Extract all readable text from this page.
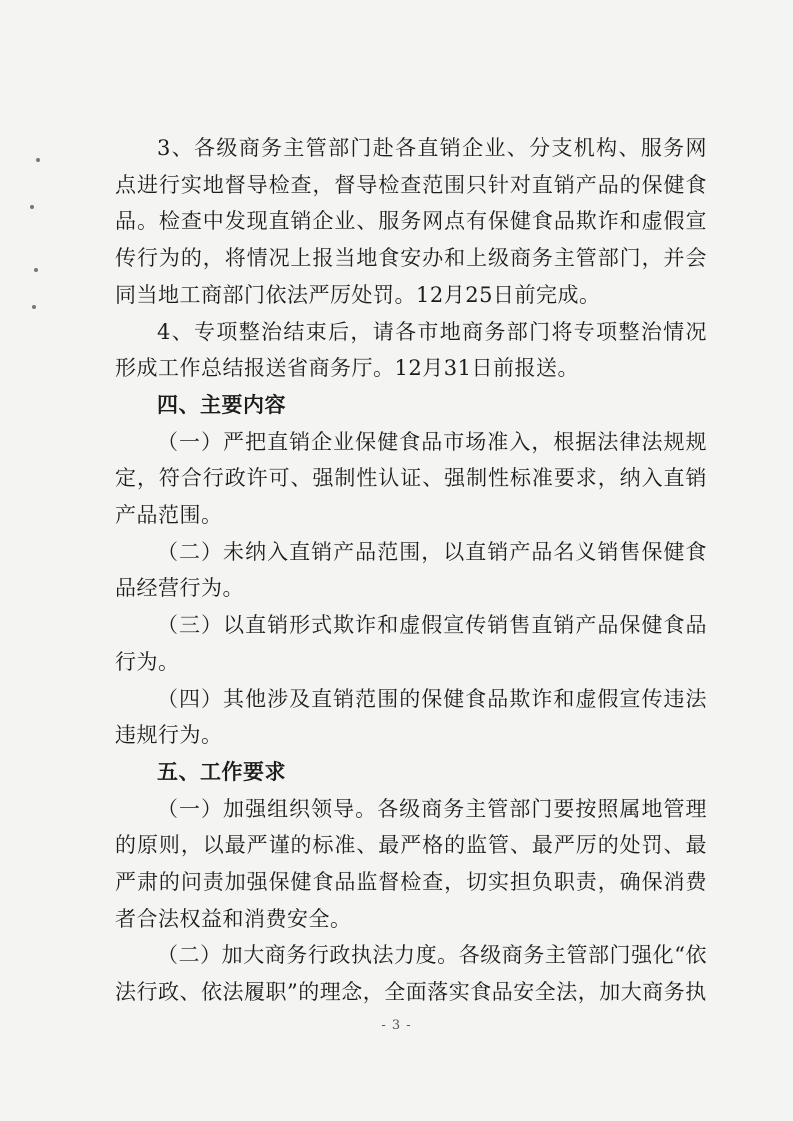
3、各级商务主管部门赴各直销企业、分支机构、服务网点进行实地督导检查，督导检查范围只针对直销产品的保健食品。检查中发现直销企业、服务网点有保健食品欺诈和虚假宣传行为的，将情况上报当地食安办和上级商务主管部门，并会同当地工商部门依法严厉处罚。12月25日前完成。

4、专项整治结束后，请各市地商务部门将专项整治情况形成工作总结报送省商务厅。12月31日前报送。

四、主要内容

（一）严把直销企业保健食品市场准入，根据法律法规规定，符合行政许可、强制性认证、强制性标准要求，纳入直销产品范围。

（二）未纳入直销产品范围，以直销产品名义销售保健食品经营行为。

（三）以直销形式欺诈和虚假宣传销售直销产品保健食品行为。

（四）其他涉及直销范围的保健食品欺诈和虚假宣传违法违规行为。

五、工作要求

（一）加强组织领导。各级商务主管部门要按照属地管理的原则，以最严谨的标准、最严格的监管、最严厉的处罚、最严肃的问责加强保健食品监督检查，切实担负职责，确保消费者合法权益和消费安全。

（二）加大商务行政执法力度。各级商务主管部门强化“依法行政、依法履职”的理念，全面落实食品安全法，加大商务执

- 3 -
